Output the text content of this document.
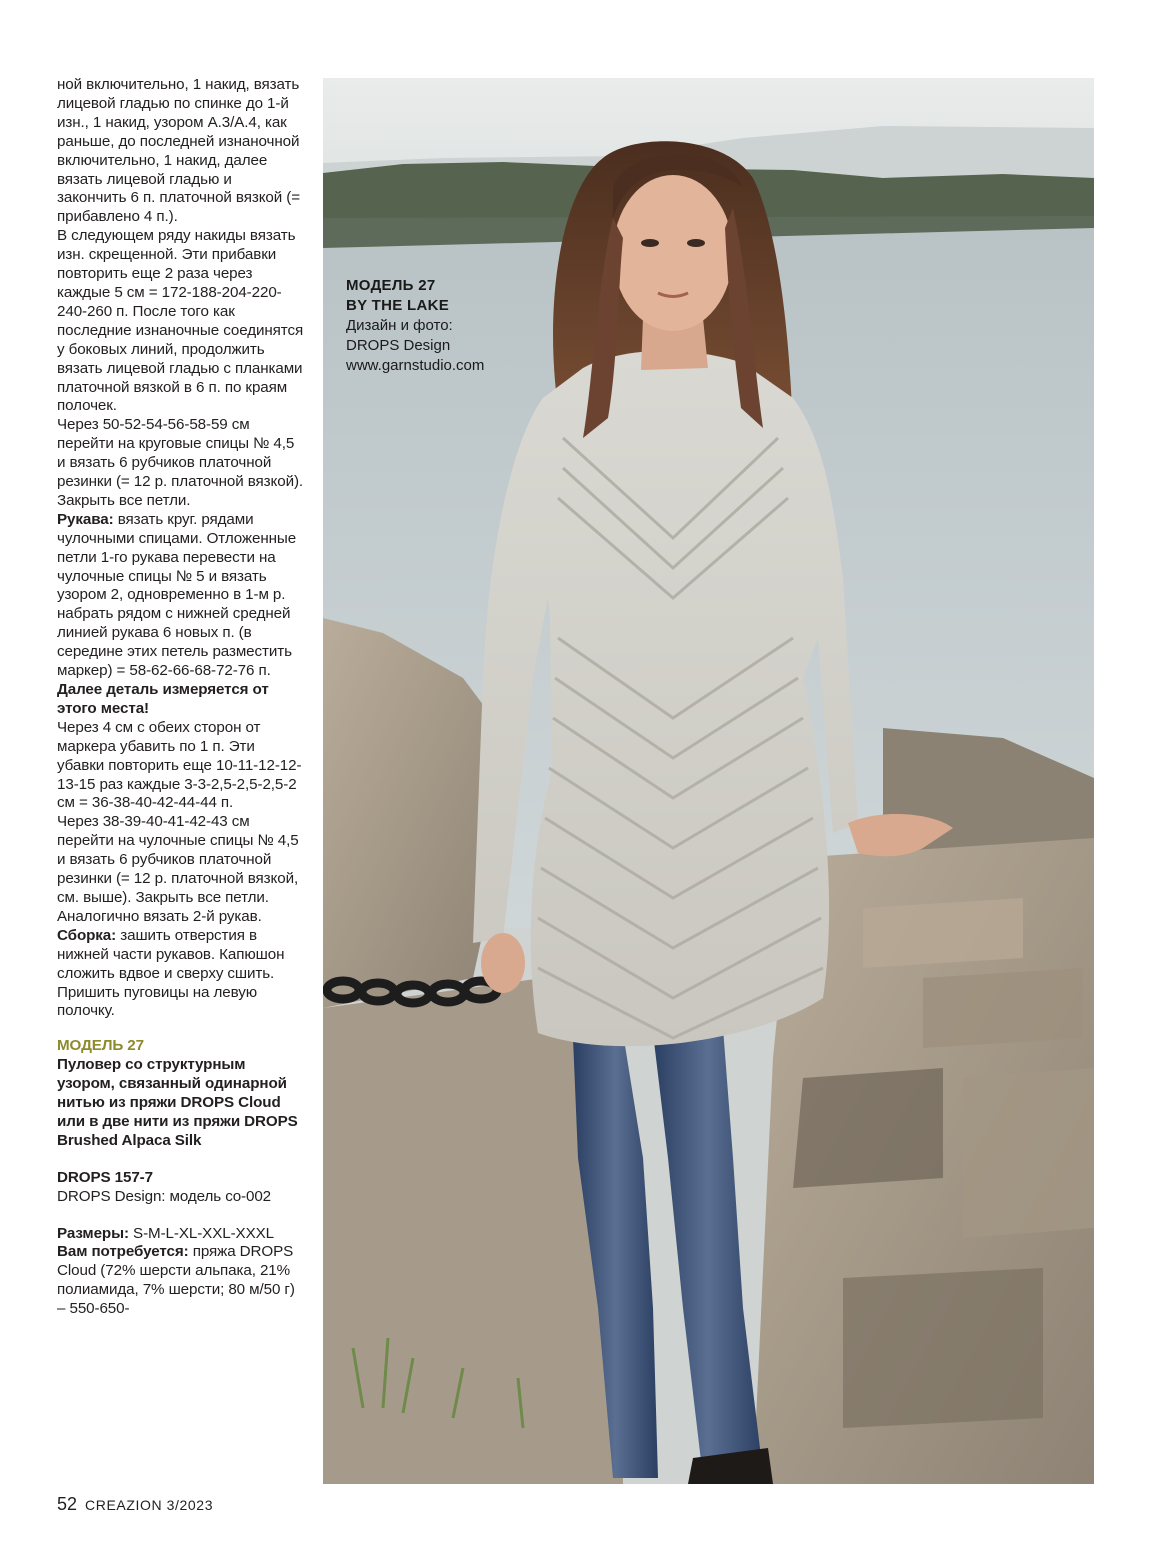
ной включительно, 1 накид, вязать лицевой гладью по спинке до 1-й изн., 1 накид, узором A.3/A.4, как раньше, до последней изнаночной включительно, 1 накид, далее вязать лицевой гладью и закончить 6 п. платочной вязкой (= прибавлено 4 п.).

В следующем ряду накиды вязать изн. скрещенной. Эти прибавки повторить еще 2 раза через каждые 5 см = 172-188-204-220-240-260 п. После того как последние изнаночные соединятся у боковых линий, продолжить вязать лицевой гладью с планками платочной вязкой в 6 п. по краям полочек.

Через 50-52-54-56-58-59 см перейти на круговые спицы № 4,5 и вязать 6 рубчиков платочной резинки (= 12 р. платочной вязкой). Закрыть все петли.

Рукава: вязать круг. рядами чулочными спицами. Отложенные петли 1-го рукава перевести на чулочные спицы № 5 и вязать узором 2, одновременно в 1-м р. набрать рядом с нижней средней линией рукава 6 новых п. (в середине этих петель разместить маркер) = 58-62-66-68-72-76 п. Далее деталь измеряется от этого места!

Через 4 см с обеих сторон от маркера убавить по 1 п. Эти убавки повторить еще 10-11-12-12-13-15 раз каждые 3-3-2,5-2,5-2,5-2 см = 36-38-40-42-44-44 п.

Через 38-39-40-41-42-43 см перейти на чулочные спицы № 4,5 и вязать 6 рубчиков платочной резинки (= 12 р. платочной вязкой, см. выше). Закрыть все петли.

Аналогично вязать 2-й рукав.

Сборка: зашить отверстия в нижней части рукавов. Капюшон сложить вдвое и сверху сшить. Пришить пуговицы на левую полочку.

МОДЕЛЬ 27

Пуловер со структурным узором, связанный одинарной нитью из пряжи DROPS Cloud или в две нити из пряжи DROPS Brushed Alpaca Silk

DROPS 157-7

DROPS Design: модель co-002

Размеры: S-M-L-XL-XXL-XXXL

Вам потребуется: пряжа DROPS Cloud (72% шерсти альпака, 21% полиамида, 7% шерсти; 80 м/50 г) – 550-650-

МОДЕЛЬ 27
BY THE LAKE
Дизайн и фото:
DROPS Design
www.garnstudio.com
52 CREAZION 3/2023
